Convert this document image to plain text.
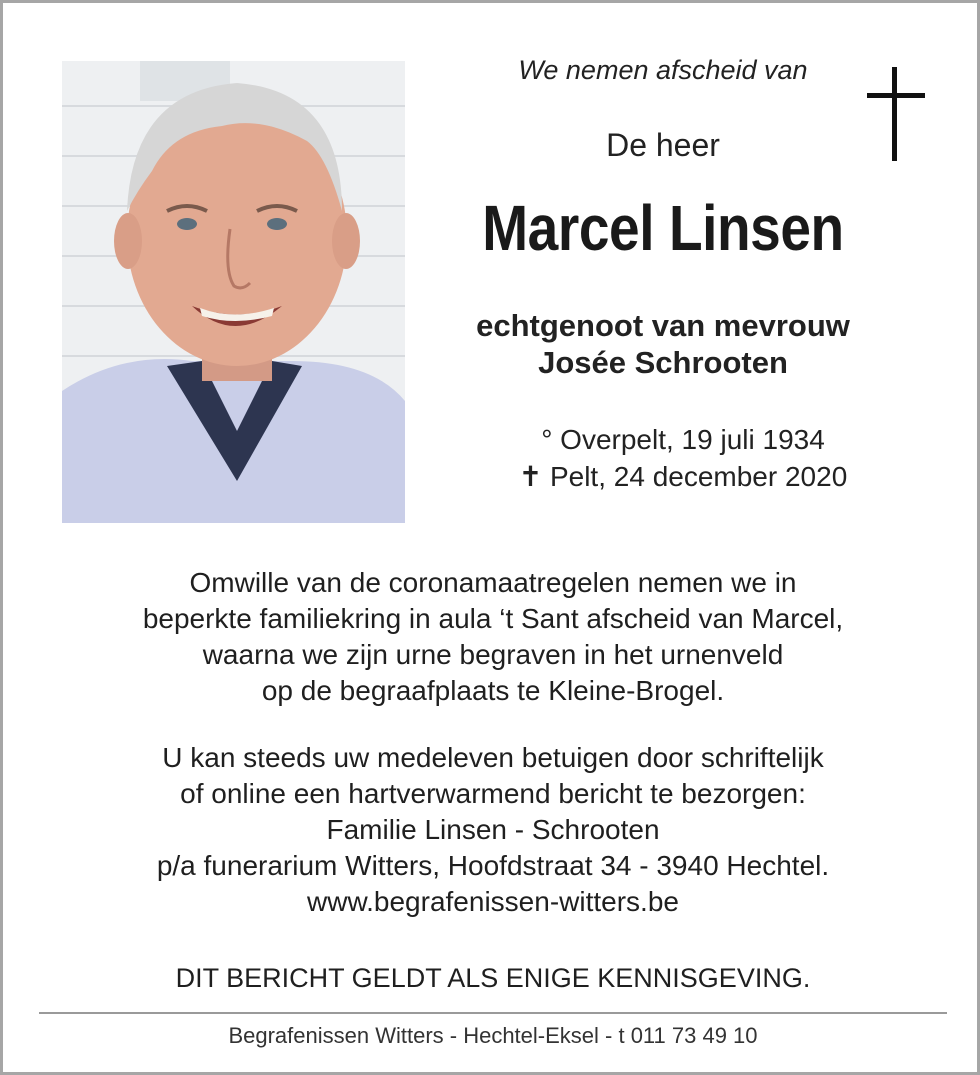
We nemen afscheid van
De heer
Marcel Linsen
echtgenoot van mevrouw
Josée Schrooten
° Overpelt, 19 juli 1934
✝ Pelt, 24 december 2020
Omwille van de coronamaatregelen nemen we in
beperkte familiekring in aula ‘t Sant afscheid van Marcel,
waarna we zijn urne begraven in het urnenveld
op de begraafplaats te Kleine-Brogel.
U kan steeds uw medeleven betuigen door schriftelijk
of online een hartverwarmend bericht te bezorgen:
Familie Linsen - Schrooten
p/a funerarium Witters, Hoofdstraat 34 - 3940 Hechtel.
www.begrafenissen-witters.be
DIT BERICHT GELDT ALS ENIGE KENNISGEVING.
Begrafenissen Witters - Hechtel-Eksel - t 011 73 49 10
